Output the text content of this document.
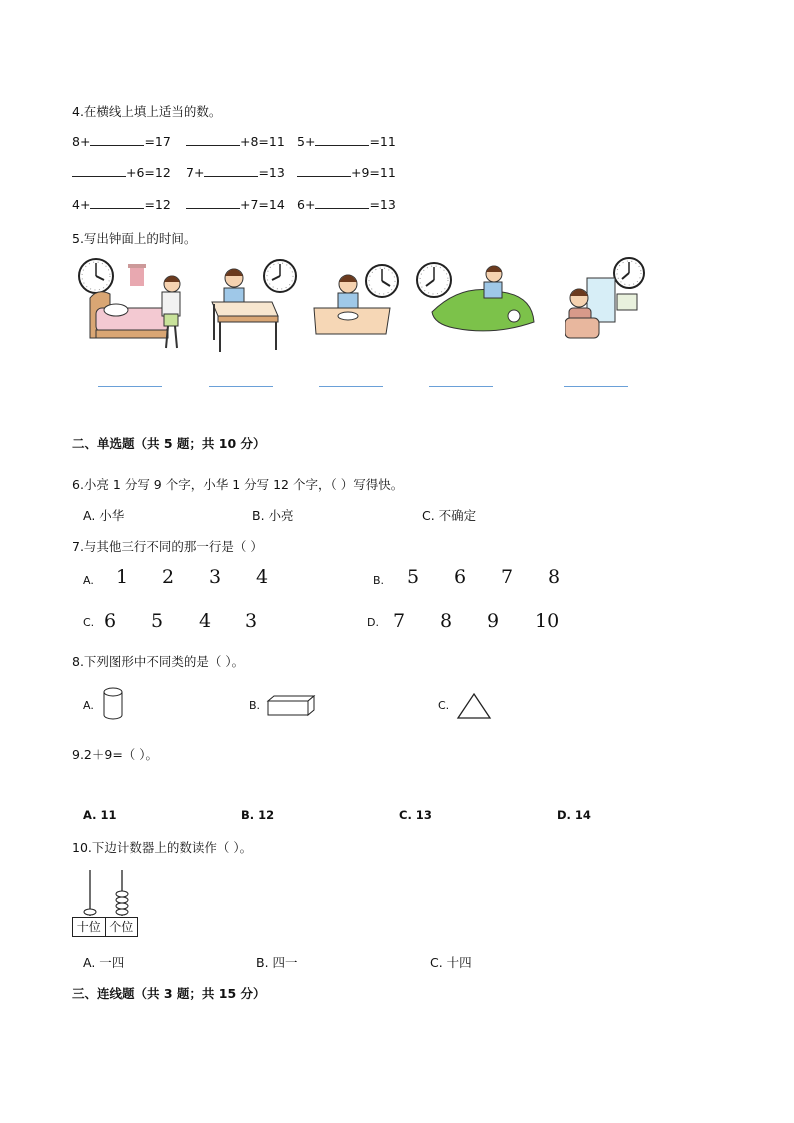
4.在横线上填上适当的数。
8+	=17	+8=11 5+	=11
+6=12 7+	=13	+9=11
4+	=12	+7=14 6+	=13
5.写出钟面上的时间。
二、单选题（共 5 题；共 10 分）
6.小亮 1 分写 9 个字，小华 1 分写 12 个字，（ ）写得快。
A. 小华	B. 小亮	C. 不确定
7.与其他三行不同的那一行是（ ）
A. 1 2 3 4	B. 5 6 7 8
C. 6 5 4 3	D. 7 8 9 10
8.下列图形中不同类的是（ ）。
A.	B.	C.
9.2＋9=（ ）。
A. 11	B. 12	C. 13	D. 14
10.下边计数器上的数读作（ ）。
十位 个位
A. 一四	B. 四一	C. 十四
三、连线题（共 3 题；共 15 分）
